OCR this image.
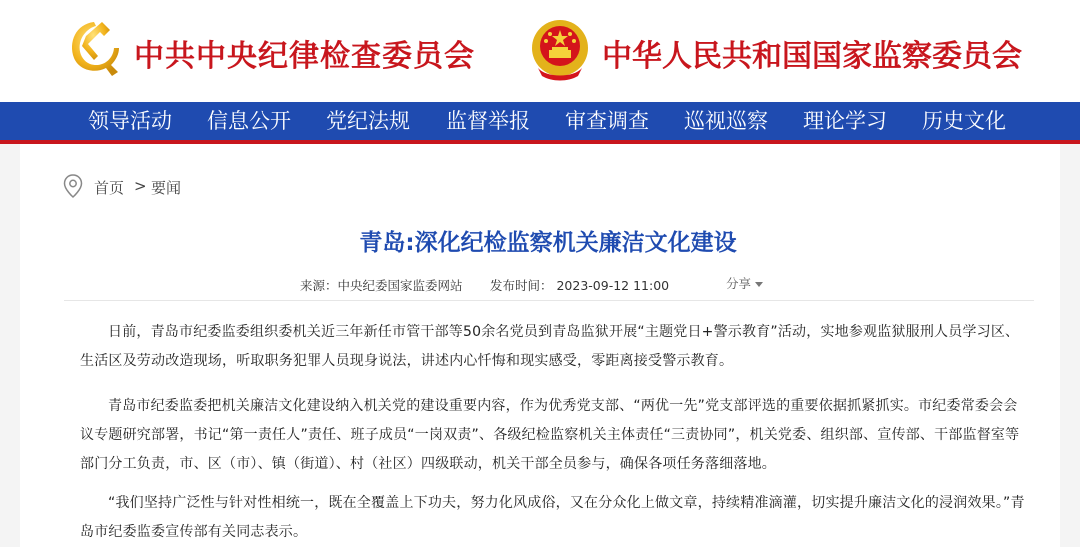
中共中央纪律检查委员会	中华人民共和国国家监察委员会
领导活动 信息公开 党纪法规 监督举报 审查调查 巡视巡察 理论学习 历史文化
首页 > 要闻
青岛:深化纪检监察机关廉洁文化建设
来源：中央纪委国家监委网站 发布时间： 2023-09-12 11:00	分享

日前，青岛市纪委监委组织委机关近三年新任市管干部等50余名党员到青岛监狱开展“主题党日+警示教育”活动，实地参观监狱服刑人员学习区、生活区及劳动改造现场，听取职务犯罪人员现身说法，讲述内心忏悔和现实感受，零距离接受警示教育。

青岛市纪委监委把机关廉洁文化建设纳入机关党的建设重要内容，作为优秀党支部、“两优一先”党支部评选的重要依据抓紧抓实。市纪委常委会会议专题研究部署，书记“第一责任人”责任、班子成员“一岗双责”、各级纪检监察机关主体责任“三责协同”，机关党委、组织部、宣传部、干部监督室等部门分工负责，市、区（市）、镇（街道）、村（社区）四级联动，机关干部全员参与，确保各项任务落细落地。

“我们坚持广泛性与针对性相统一，既在全覆盖上下功夫，努力化风成俗，又在分众化上做文章，持续精准滴灌，切实提升廉洁文化的浸润效果。”青岛市纪委监委宣传部有关同志表示。
